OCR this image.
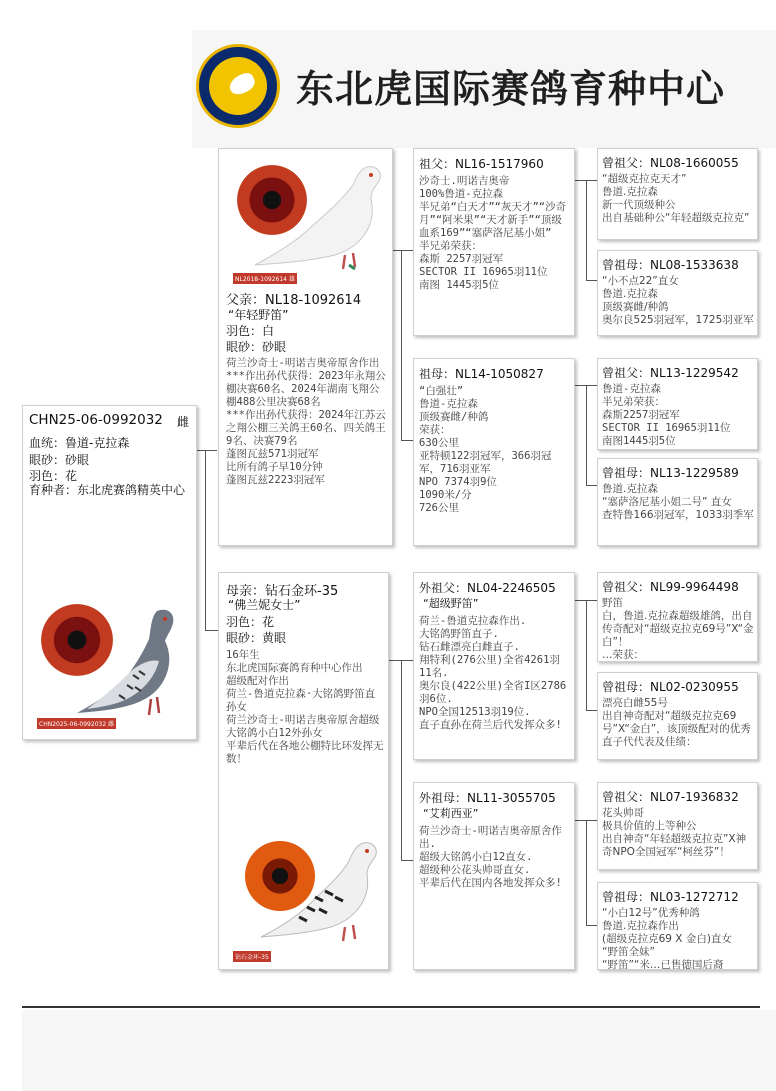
东北虎国际赛鸽育种中心
CHN25-06-0992032 雌
血统：鲁道-克拉森
眼砂：砂眼
羽色：花
育种者：东北虎赛鸽精英中心
CHN2025-06-0992032 雌
NL2018-1092614 雄
父亲：NL18-1092614
“年轻野笛”
羽色：白
眼砂：砂眼
荷兰沙奇士-明诺吉奥帝原舍作出
***作出孙代获得：2023年永翔公棚决赛60名、2024年湖南飞翔公棚488公里决赛68名
***作出孙代获得：2024年江苏云之翔公棚三关鸽王60名、四关鸽王9名、决赛79名
蓬图瓦兹571羽冠军
比所有鸽子早10分钟
蓬图瓦兹2223羽冠军
母亲：钻石金环-35
“佛兰妮女士”
羽色：花
眼砂：黄眼
16年生
东北虎国际赛鸽育种中心作出
超级配对作出
荷兰-鲁道克拉森·大铭鸽野笛直孙女
荷兰沙奇士-明诺吉奥帝原舍超级大铭鸽小白12外孙女
平辈后代在各地公棚特比环发挥无数！
钻石金环-35
祖父：NL16-1517960
沙奇士.明诺吉奥帝
100%鲁道-克拉森
半兄弟“白天才”“灰天才”“沙奇月”“阿米果”“天才新手”“顶级血系169”“塞萨洛尼基小姐”
半兄弟荣获：
森斯 2257羽冠军
SECTOR II 16965羽11位
南图 1445羽5位
祖母：NL14-1050827
“白强壮”
鲁道-克拉森
顶级赛雌/种鸽
荣获：
630公里
亚特顿122羽冠军，366羽冠军，716羽亚军
NPO 7374羽9位
1090米/分
726公里
外祖父：NL04-2246505
“超级野笛”
荷兰-鲁道克拉森作出.
大铭鸽野笛直子.
钻石雌漂亮白雌直子.
翔特利(276公里)全省4261羽11名.
奥尔良(422公里)全省I区2786羽6位.
NPO全国12513羽19位.
直子直孙在荷兰后代发挥众多!
外祖母：NL11-3055705
“艾莉西亚”
荷兰沙奇士-明诺吉奥帝原舍作出.
超级大铭鸽小白12直女.
超级种公花头帅哥直女.
平辈后代在国内各地发挥众多!
曾祖父：NL08-1660055
“超级克拉克天才”
鲁道.克拉森
新一代顶级种公
出自基础种公“年轻超级克拉克”
曾祖母：NL08-1533638
“小不点22”直女
鲁道.克拉森
顶级赛雌/种鸽
奥尔良525羽冠军，1725羽亚军
曾祖父：NL13-1229542
鲁道-克拉森
半兄弟荣获：
森斯2257羽冠军
SECTOR II 16965羽11位
南图1445羽5位
曾祖母：NL13-1229589
鲁道.克拉森
“塞萨洛尼基小姐二号” 直女
查特鲁166羽冠军，1033羽季军
曾祖父：NL99-9964498
野笛
白，鲁道.克拉森超级雄鸽，出自传奇配对“超级克拉克69号”X“金白”！
…荣获：
曾祖母：NL02-0230955
漂亮白雌55号
出自神奇配对“超级克拉克69号”X“金白”，该顶级配对的优秀直子代代表及佳绩：
曾祖父：NL07-1936832
花头帅哥
极具价值的上等种公
出自神奇“年轻超级克拉克”X神奇NPO全国冠军“柯丝芬”！
曾祖母：NL03-1272712
“小白12号”优秀种鸽
鲁道.克拉森作出
(超级克拉克69 X 金白)直女
“野笛全妹”
“野笛”“米…已售德国后裔
